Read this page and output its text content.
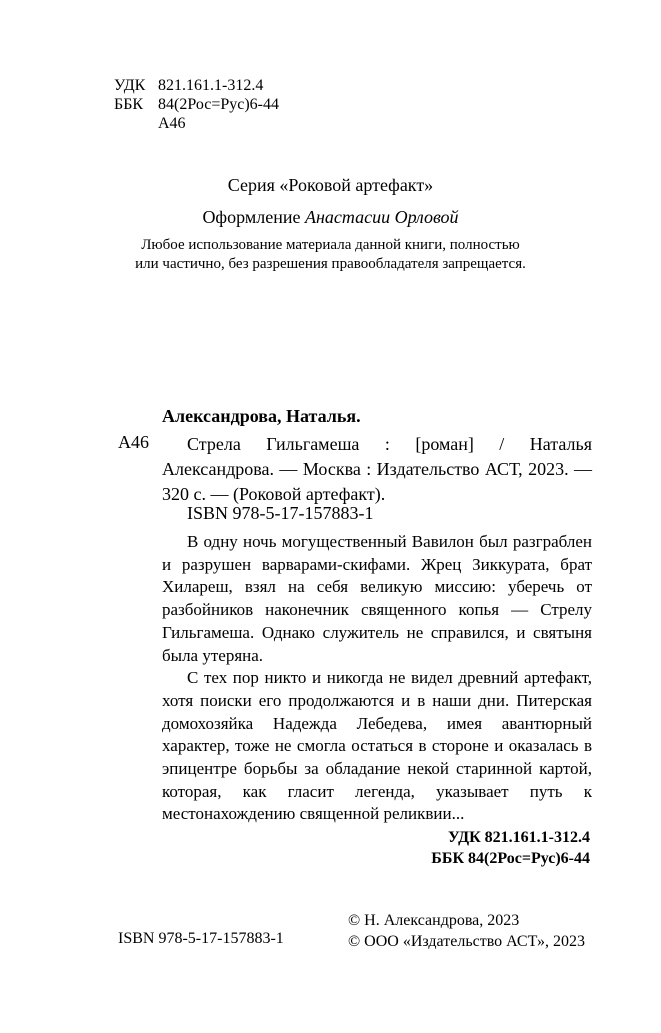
УДК 821.161.1-312.4
ББК 84(2Рос=Рус)6-44
А46
Серия «Роковой артефакт»
Оформление Анастасии Орловой
Любое использование материала данной книги, полностью
или частично, без разрешения правообладателя запрещается.
Александрова, Наталья.
А46	Стрела Гильгамеша : [роман] / Наталья Александрова. — Москва : Издательство АСТ, 2023. — 320 с. — (Роковой артефакт).

ISBN 978-5-17-157883-1

В одну ночь могущественный Вавилон был разграблен и разрушен варварами-скифами. Жрец Зиккурата, брат Хилареш, взял на себя великую миссию: уберечь от разбойников наконечник священного копья — Стрелу Гильгамеша. Однако служитель не справился, и святыня была утеряна.

С тех пор никто и никогда не видел древний артефакт, хотя поиски его продолжаются и в наши дни. Питерская домохозяйка Надежда Лебедева, имея авантюрный характер, тоже не смогла остаться в стороне и оказалась в эпицентре борьбы за обладание некой старинной картой, которая, как гласит легенда, указывает путь к местонахождению священной реликвии...

УДК 821.161.1-312.4
ББК 84(2Рос=Рус)6-44
ISBN 978-5-17-157883-1
© Н. Александрова, 2023
© ООО «Издательство АСТ», 2023
